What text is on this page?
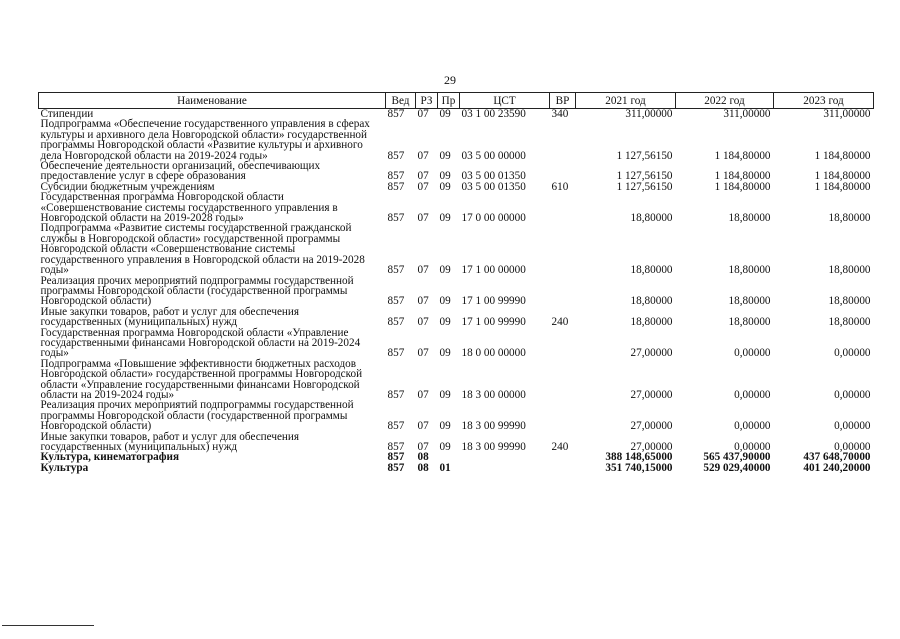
29
Наименование	Вед	РЗ	Пр	ЦСТ	ВР	2021 год	2022 год	2023 год
Стипендии	857	07	09	03 1 00 23590	340	311,00000	311,00000	311,00000
Подпрограмма «Обеспечение государственного управления в сферах культуры и архивного дела Новгородской области» государственной программы Новгородской области «Развитие культуры и архивного дела Новгородской области на 2019-2024 годы»	857	07	09	03 5 00 00000		1 127,56150	1 184,80000	1 184,80000
Обеспечение деятельности организаций, обеспечивающих предоставление услуг в сфере образования	857	07	09	03 5 00 01350		1 127,56150	1 184,80000	1 184,80000
Субсидии бюджетным учреждениям	857	07	09	03 5 00 01350	610	1 127,56150	1 184,80000	1 184,80000
Государственная программа Новгородской области «Совершенствование системы государственного управления в Новгородской области на 2019-2028 годы»	857	07	09	17 0 00 00000		18,80000	18,80000	18,80000
Подпрограмма «Развитие системы государственной гражданской службы в Новгородской области» государственной программы Новгородской области «Совершенствование системы государственного управления в Новгородской области на 2019-2028 годы»	857	07	09	17 1 00 00000		18,80000	18,80000	18,80000
Реализация прочих мероприятий подпрограммы государственной программы Новгородской области (государственной программы Новгородской области)	857	07	09	17 1 00 99990		18,80000	18,80000	18,80000
Иные закупки товаров, работ и услуг для обеспечения государственных (муниципальных) нужд	857	07	09	17 1 00 99990	240	18,80000	18,80000	18,80000
Государственная программа Новгородской области «Управление государственными финансами Новгородской области на 2019-2024 годы»	857	07	09	18 0 00 00000		27,00000	0,00000	0,00000
Подпрограмма «Повышение эффективности бюджетных расходов Новгородской области» государственной программы Новгородской области «Управление государственными финансами Новгородской области на 2019-2024 годы»	857	07	09	18 3 00 00000		27,00000	0,00000	0,00000
Реализация прочих мероприятий подпрограммы государственной программы Новгородской области (государственной программы Новгородской области)	857	07	09	18 3 00 99990		27,00000	0,00000	0,00000
Иные закупки товаров, работ и услуг для обеспечения государственных (муниципальных) нужд	857	07	09	18 3 00 99990	240	27,00000	0,00000	0,00000
Культура, кинематография	857	08				388 148,65000	565 437,90000	437 648,70000
Культура	857	08	01			351 740,15000	529 029,40000	401 240,20000
